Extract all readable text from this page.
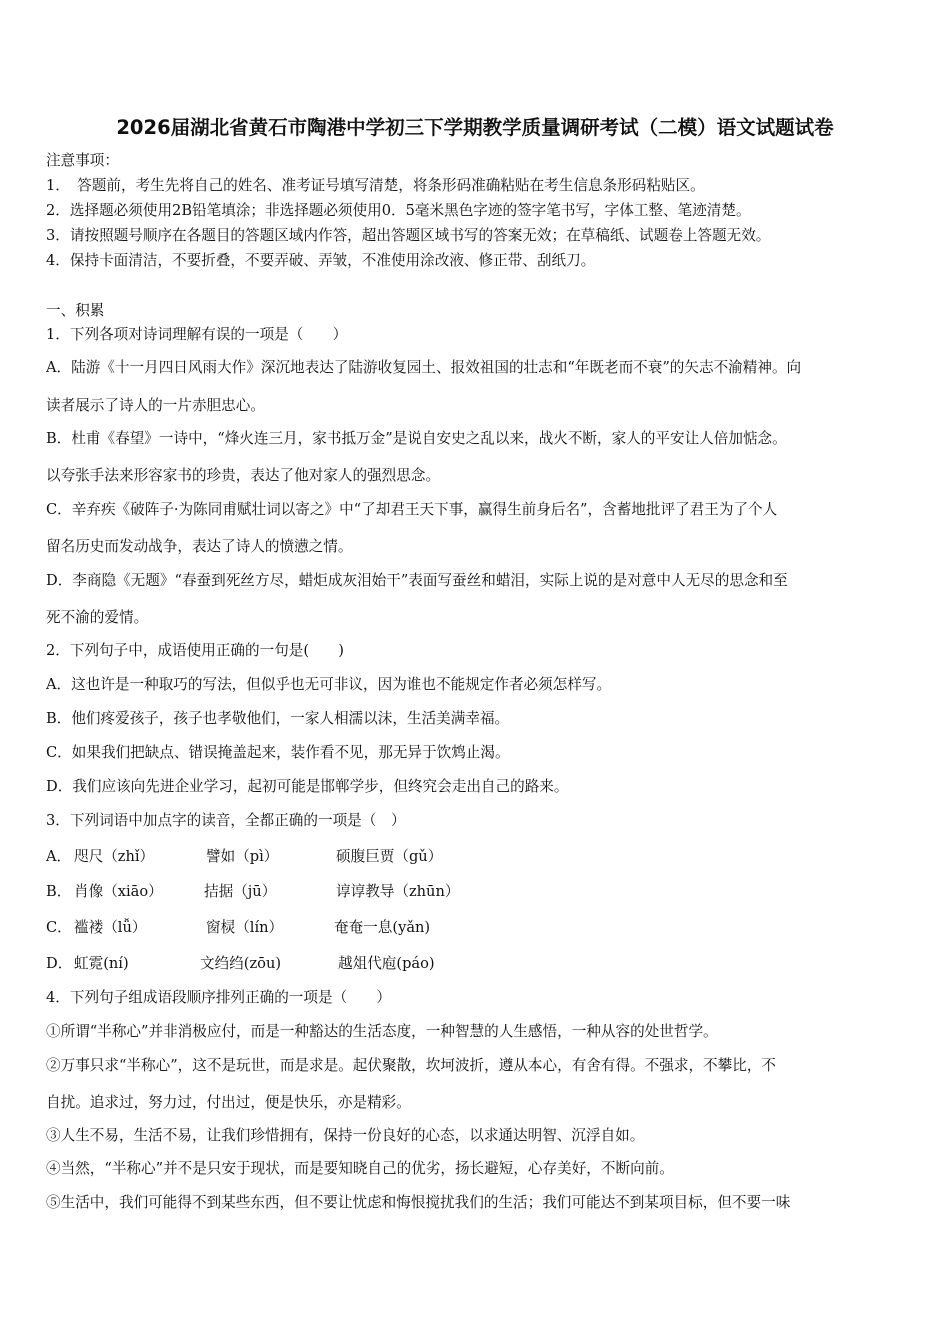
2026届湖北省黄石市陶港中学初三下学期教学质量调研考试（二模）语文试题试卷
注意事项：
1．　答题前，考生先将自己的姓名、准考证号填写清楚，将条形码准确粘贴在考生信息条形码粘贴区。
2．选择题必须使用2B铅笔填涂；非选择题必须使用0．5毫米黑色字迹的签字笔书写，字体工整、笔迹清楚。
3．请按照题号顺序在各题目的答题区域内作答，超出答题区域书写的答案无效；在草稿纸、试题卷上答题无效。
4．保持卡面清洁，不要折叠，不要弄破、弄皱，不准使用涂改液、修正带、刮纸刀。
一、积累
1．下列各项对诗词理解有误的一项是（　　）
A．陆游《十一月四日风雨大作》深沉地表达了陆游收复园土、报效祖国的壮志和“年既老而不衰”的矢志不渝精神。向
读者展示了诗人的一片赤胆忠心。
B．杜甫《春望》一诗中，“烽火连三月，家书抵万金”是说自安史之乱以来，战火不断，家人的平安让人倍加惦念。
以夸张手法来形容家书的珍贵，表达了他对家人的强烈思念。
C．辛弃疾《破阵子·为陈同甫赋壮词以寄之》中“了却君王天下事，赢得生前身后名”，含蓄地批评了君王为了个人
留名历史而发动战争，表达了诗人的愤懑之情。
D．李商隐《无题》“春蚕到死丝方尽，蜡炬成灰泪始干”表面写蚕丝和蜡泪，实际上说的是对意中人无尽的思念和至
死不渝的爱情。
2．下列句子中，成语使用正确的一句是(　　)
A．这也许是一种取巧的写法，但似乎也无可非议，因为谁也不能规定作者必须怎样写。
B．他们疼爱孩子，孩子也孝敬他们，一家人相濡以沫，生活美满幸福。
C．如果我们把缺点、错误掩盖起来，装作看不见，那无异于饮鸩止渴。
D．我们应该向先进企业学习，起初可能是邯郸学步，但终究会走出自己的路来。
3．下列词语中加点字的读音，全都正确的一项是（　）
A． 咫尺（zhǐ）	譬如（pì）	硕腹巨贾（gǔ）
B． 肖像（xiāo）	拮据（jū）	谆谆教导（zhūn）
C． 褴褛（lǚ）	窗棂（lín）	奄奄一息(yǎn)
D． 虹霓(ní)	文绉绉(zōu)	越俎代庖(páo)
4．下列句子组成语段顺序排列正确的一项是（　　）
①所谓“半称心”并非消极应付，而是一种豁达的生活态度，一种智慧的人生感悟，一种从容的处世哲学。
②万事只求“半称心”，这不是玩世，而是求是。起伏聚散，坎坷波折，遵从本心，有舍有得。不强求，不攀比，不
自扰。追求过，努力过，付出过，便是快乐，亦是精彩。
③人生不易，生活不易，让我们珍惜拥有，保持一份良好的心态，以求通达明智、沉浮自如。
④当然，“半称心”并不是只安于现状，而是要知晓自己的优劣，扬长避短，心存美好，不断向前。
⑤生活中，我们可能得不到某些东西，但不要让忧虑和悔恨搅扰我们的生活；我们可能达不到某项目标，但不要一味
